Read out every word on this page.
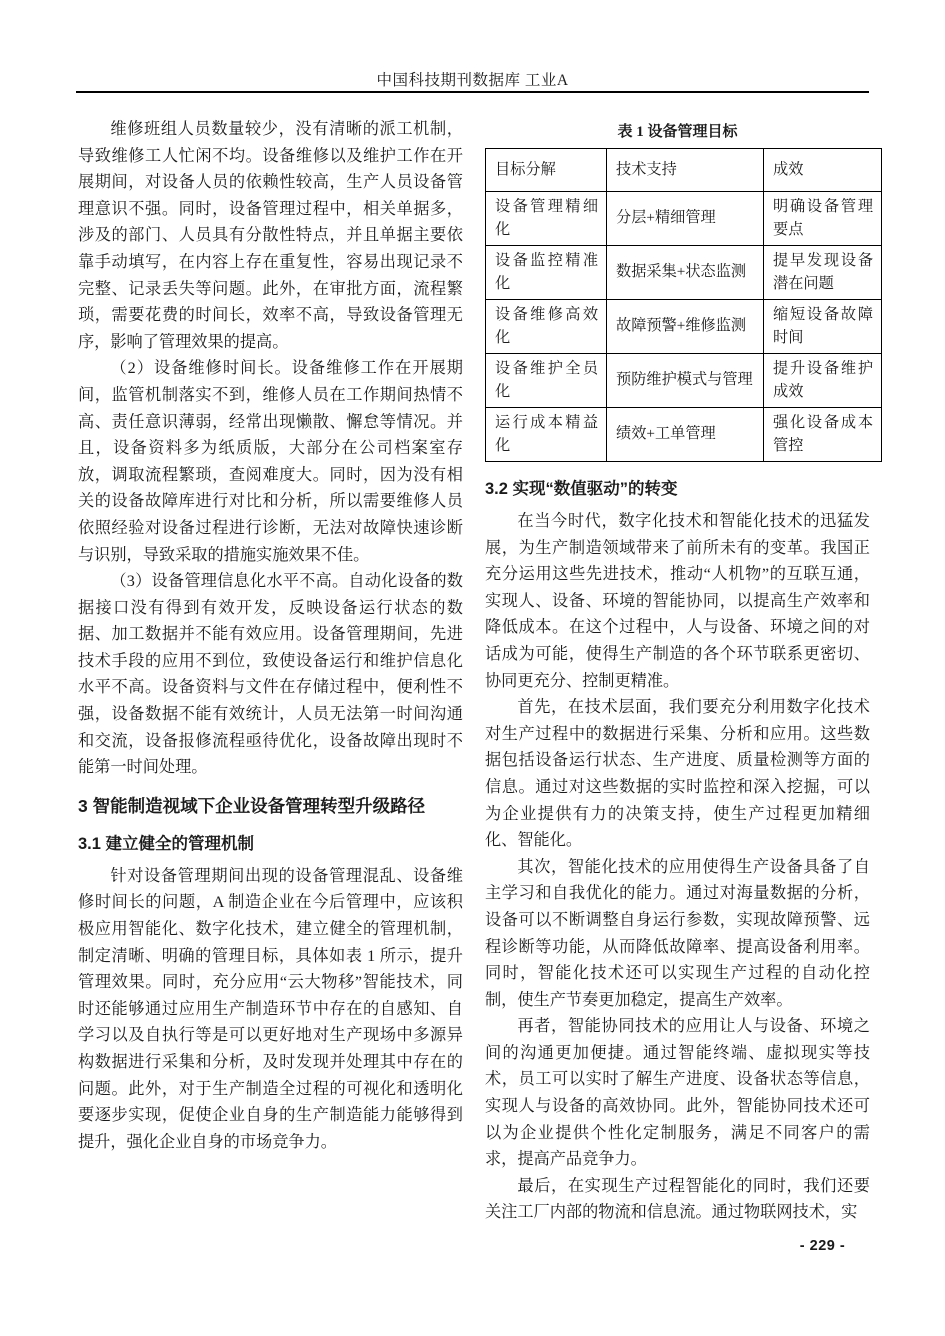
中国科技期刊数据库 工业A

维修班组人员数量较少，没有清晰的派工机制，导致维修工人忙闲不均。设备维修以及维护工作在开展期间，对设备人员的依赖性较高，生产人员设备管理意识不强。同时，设备管理过程中，相关单据多，涉及的部门、人员具有分散性特点，并且单据主要依靠手动填写，在内容上存在重复性，容易出现记录不完整、记录丢失等问题。此外，在审批方面，流程繁琐，需要花费的时间长，效率不高，导致设备管理无序，影响了管理效果的提高。

（2）设备维修时间长。设备维修工作在开展期间，监管机制落实不到，维修人员在工作期间热情不高、责任意识薄弱，经常出现懒散、懈怠等情况。并且，设备资料多为纸质版，大部分在公司档案室存放，调取流程繁琐，查阅难度大。同时，因为没有相关的设备故障库进行对比和分析，所以需要维修人员依照经验对设备过程进行诊断，无法对故障快速诊断与识别，导致采取的措施实施效果不佳。

（3）设备管理信息化水平不高。自动化设备的数据接口没有得到有效开发，反映设备运行状态的数据、加工数据并不能有效应用。设备管理期间，先进技术手段的应用不到位，致使设备运行和维护信息化水平不高。设备资料与文件在存储过程中，便利性不强，设备数据不能有效统计，人员无法第一时间沟通和交流，设备报修流程亟待优化，设备故障出现时不能第一时间处理。

3 智能制造视域下企业设备管理转型升级路径
3.1 建立健全的管理机制

针对设备管理期间出现的设备管理混乱、设备维修时间长的问题，A 制造企业在今后管理中，应该积极应用智能化、数字化技术，建立健全的管理机制，制定清晰、明确的管理目标，具体如表 1 所示，提升管理效果。同时，充分应用“云大物移”智能技术，同时还能够通过应用生产制造环节中存在的自感知、自学习以及自执行等是可以更好地对生产现场中多源异构数据进行采集和分析，及时发现并处理其中存在的问题。此外，对于生产制造全过程的可视化和透明化要逐步实现，促使企业自身的生产制造能力能够得到提升，强化企业自身的市场竞争力。

表 1 设备管理目标

目标分解	技术支持	成效
设备管理精细化	分层+精细管理	明确设备管理要点
设备监控精准化	数据采集+状态监测	提早发现设备潜在问题
设备维修高效化	故障预警+维修监测	缩短设备故障时间
设备维护全员化	预防维护模式与管理	提升设备维护成效
运行成本精益化	绩效+工单管理	强化设备成本管控
3.2 实现“数值驱动”的转变

在当今时代，数字化技术和智能化技术的迅猛发展，为生产制造领域带来了前所未有的变革。我国正充分运用这些先进技术，推动“人机物”的互联互通，实现人、设备、环境的智能协同，以提高生产效率和降低成本。在这个过程中，人与设备、环境之间的对话成为可能，使得生产制造的各个环节联系更密切、协同更充分、控制更精准。

首先，在技术层面，我们要充分利用数字化技术对生产过程中的数据进行采集、分析和应用。这些数据包括设备运行状态、生产进度、质量检测等方面的信息。通过对这些数据的实时监控和深入挖掘，可以为企业提供有力的决策支持，使生产过程更加精细化、智能化。

其次，智能化技术的应用使得生产设备具备了自主学习和自我优化的能力。通过对海量数据的分析，设备可以不断调整自身运行参数，实现故障预警、远程诊断等功能，从而降低故障率、提高设备利用率。同时，智能化技术还可以实现生产过程的自动化控制，使生产节奏更加稳定，提高生产效率。

再者，智能协同技术的应用让人与设备、环境之间的沟通更加便捷。通过智能终端、虚拟现实等技术，员工可以实时了解生产进度、设备状态等信息，实现人与设备的高效协同。此外，智能协同技术还可以为企业提供个性化定制服务，满足不同客户的需求，提高产品竞争力。

最后，在实现生产过程智能化的同时，我们还要关注工厂内部的物流和信息流。通过物联网技术，实

- 229 -
